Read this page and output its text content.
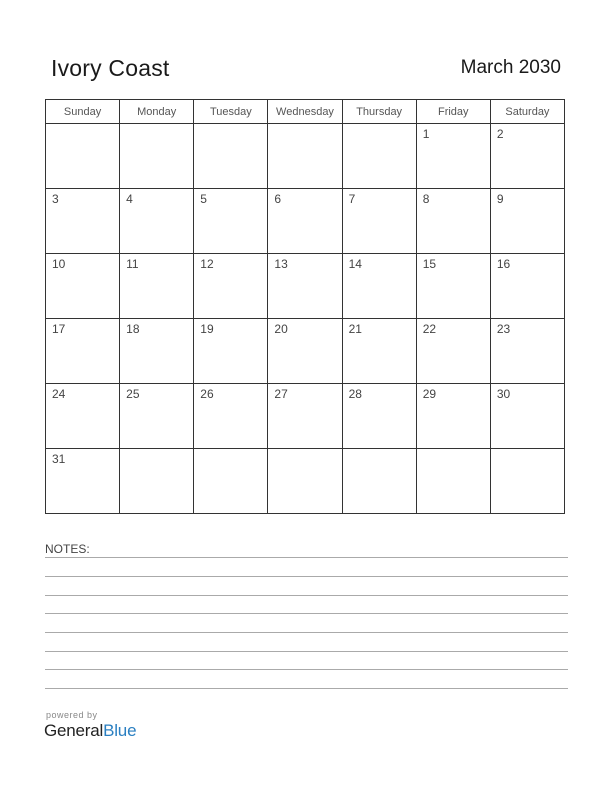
Ivory Coast	March 2030
Sunday	Monday	Tuesday	Wednesday	Thursday	Friday	Saturday

					1	2

3	4	5	6	7	8	9

10	11	12	13	14	15	16

17	18	19	20	21	22	23

24	25	26	27	28	29	30

31						

NOTES:
powered by
GeneralBlue
